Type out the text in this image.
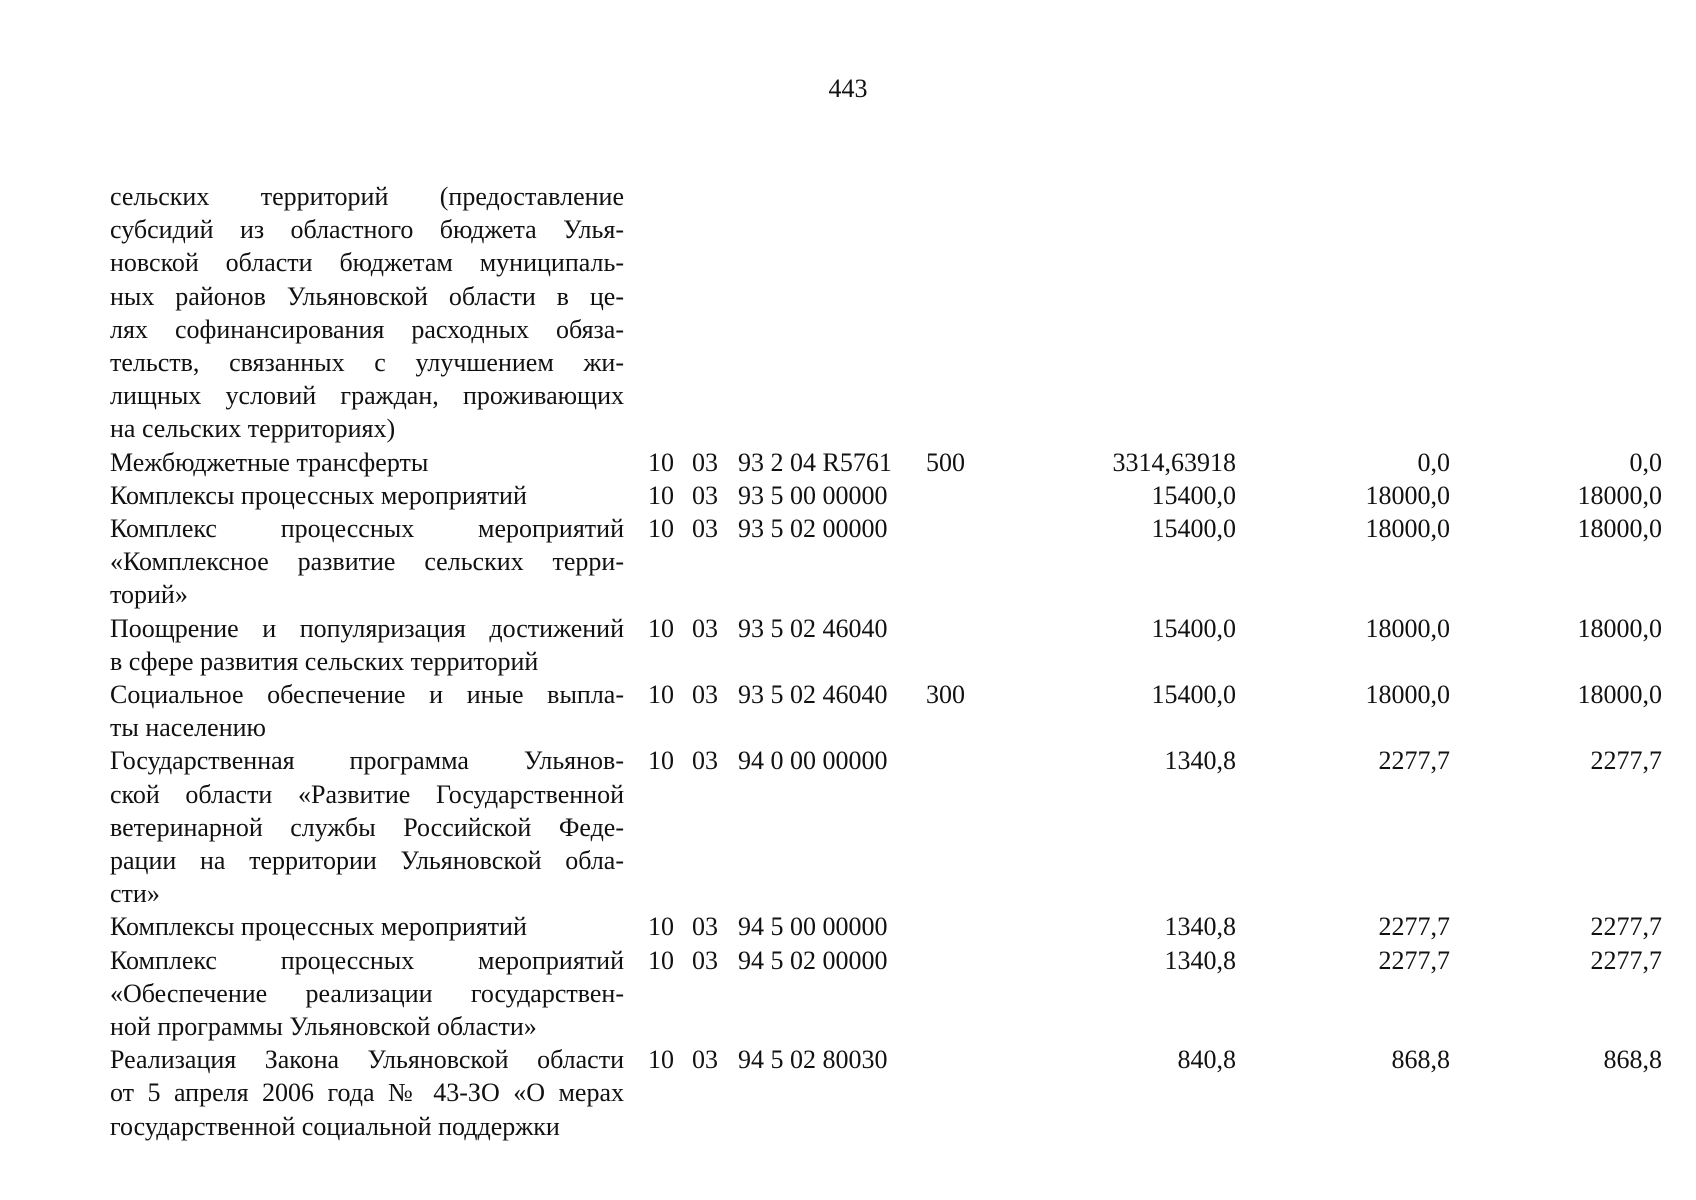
443
сельских территорий (предоставление
субсидий из областного бюджета Улья-
новской области бюджетам муниципаль-
ных районов Ульяновской области в це-
лях софинансирования расходных обяза-
тельств, связанных с улучшением жи-
лищных условий граждан, проживающих
на сельских территориях)
Межбюджетные трансферты	10 03 93 2 04 R5761 500	3314,63918	0,0	0,0
Комплексы процессных мероприятий	10 03 93 5 00 00000	15400,0	18000,0	18000,0
Комплекс процессных мероприятий
«Комплексное развитие сельских терри-
торий»
10 03 93 5 02 00000	15400,0	18000,0	18000,0
Поощрение и популяризация достижений
в сфере развития сельских территорий
10 03 93 5 02 46040	15400,0	18000,0	18000,0
Социальное обеспечение и иные выпла-
ты населению
10 03 93 5 02 46040 300	15400,0	18000,0	18000,0
Государственная программа Ульянов-
ской области «Развитие Государственной
ветеринарной службы Российской Феде-
рации на территории Ульяновской обла-
сти»
10 03 94 0 00 00000	1340,8	2277,7	2277,7
Комплексы процессных мероприятий	10 03 94 5 00 00000	1340,8	2277,7	2277,7
Комплекс процессных мероприятий
«Обеспечение реализации государствен-
ной программы Ульяновской области»
10 03 94 5 02 00000	1340,8	2277,7	2277,7
Реализация Закона Ульяновской области
от 5 апреля 2006 года № 43-ЗО «О мерах
государственной социальной поддержки
10 03 94 5 02 80030	840,8	868,8	868,8
